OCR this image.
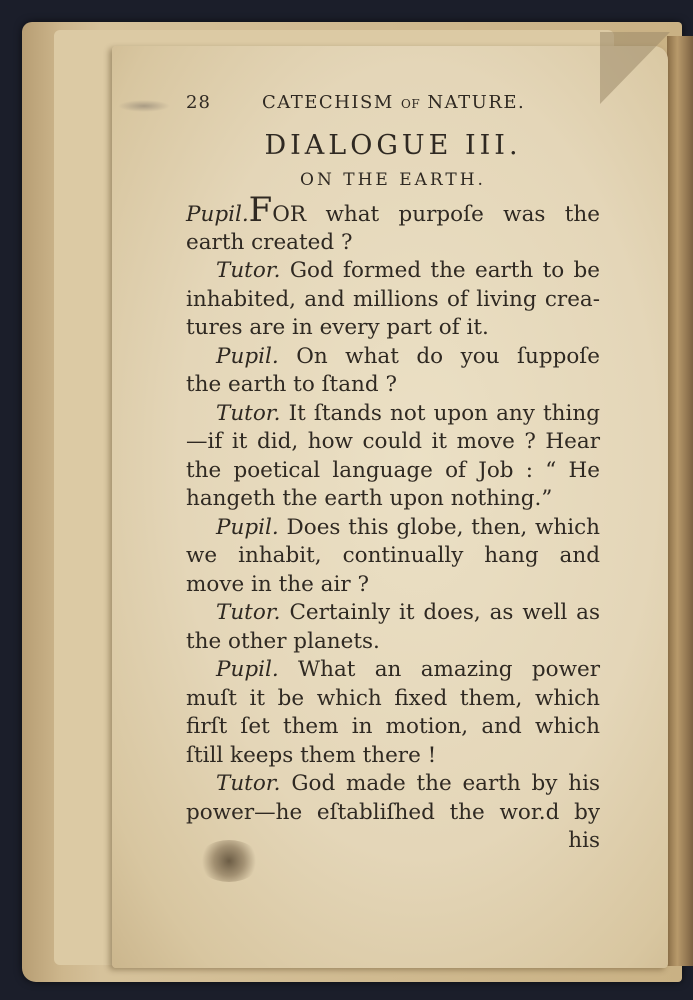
28	CATECHISM OF NATURE.
DIALOGUE III.
ON THE EARTH.
Pupil.FOR what purpoſe was the
earth created ?
Tutor. God formed the earth to be
inhabited, and millions of living crea-
tures are in every part of it.
Pupil. On what do you ſuppoſe
the earth to ſtand ?
Tutor. It ſtands not upon any thing
—if it did, how could it move ? Hear
the poetical language of Job : “ He
hangeth the earth upon nothing.”
Pupil. Does this globe, then, which
we inhabit, continually hang and
move in the air ?
Tutor. Certainly it does, as well as
the other planets.
Pupil. What an amazing power
muſt it be which fixed them, which
firſt ſet them in motion, and which
ſtill keeps them there !
Tutor. God made the earth by his
power—he eſtabliſhed the wor.d by
his
